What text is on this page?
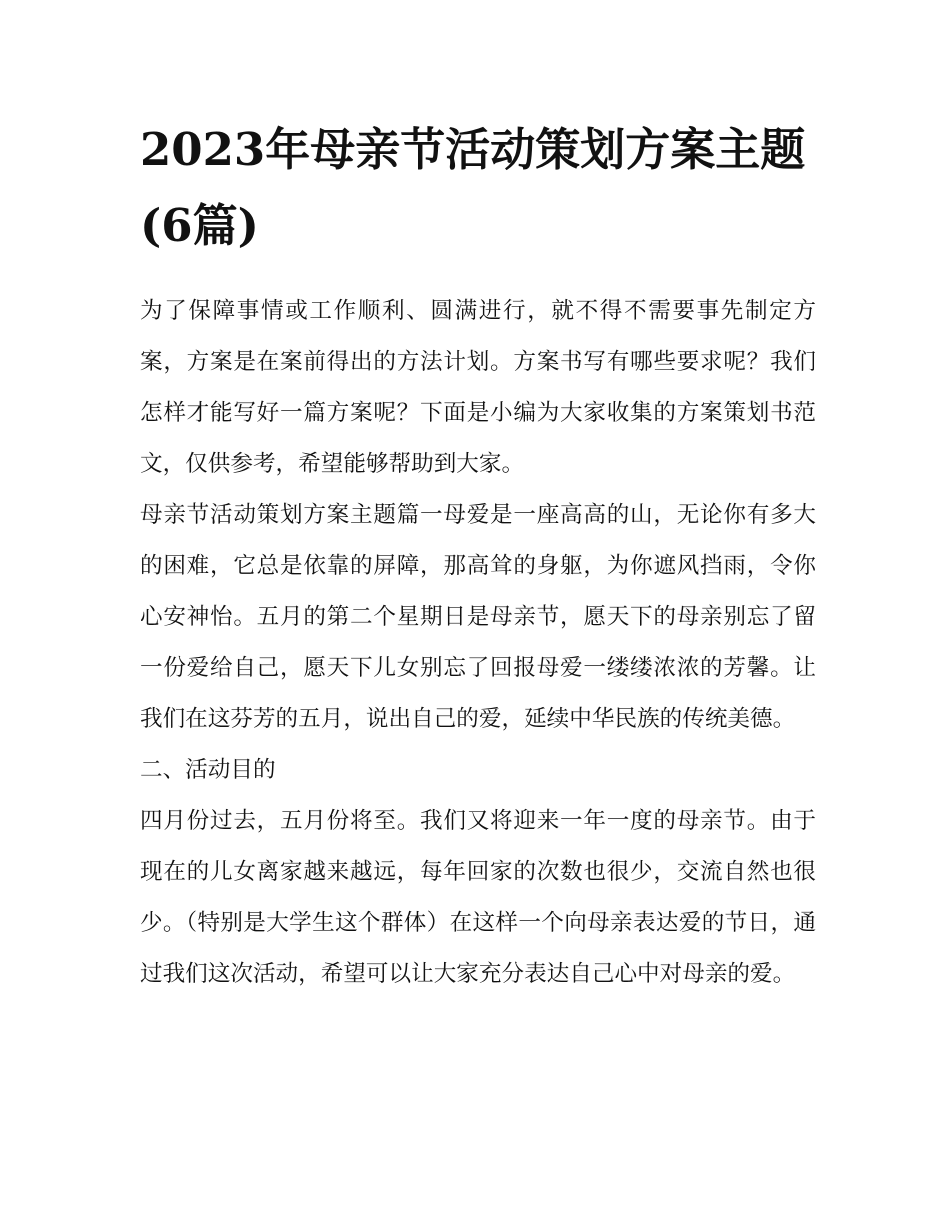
2023年母亲节活动策划方案主题(6篇)

为了保障事情或工作顺利、圆满进行，就不得不需要事先制定方案，方案是在案前得出的方法计划。方案书写有哪些要求呢？我们怎样才能写好一篇方案呢？下面是小编为大家收集的方案策划书范文，仅供参考，希望能够帮助到大家。

母亲节活动策划方案主题篇一母爱是一座高高的山，无论你有多大的困难，它总是依靠的屏障，那高耸的身躯，为你遮风挡雨，令你心安神怡。五月的第二个星期日是母亲节，愿天下的母亲别忘了留一份爱给自己，愿天下儿女别忘了回报母爱一缕缕浓浓的芳馨。让我们在这芬芳的五月，说出自己的爱，延续中华民族的传统美德。

二、活动目的

四月份过去，五月份将至。我们又将迎来一年一度的母亲节。由于现在的儿女离家越来越远，每年回家的次数也很少，交流自然也很少。（特别是大学生这个群体）在这样一个向母亲表达爱的节日，通过我们这次活动，希望可以让大家充分表达自己心中对母亲的爱。
